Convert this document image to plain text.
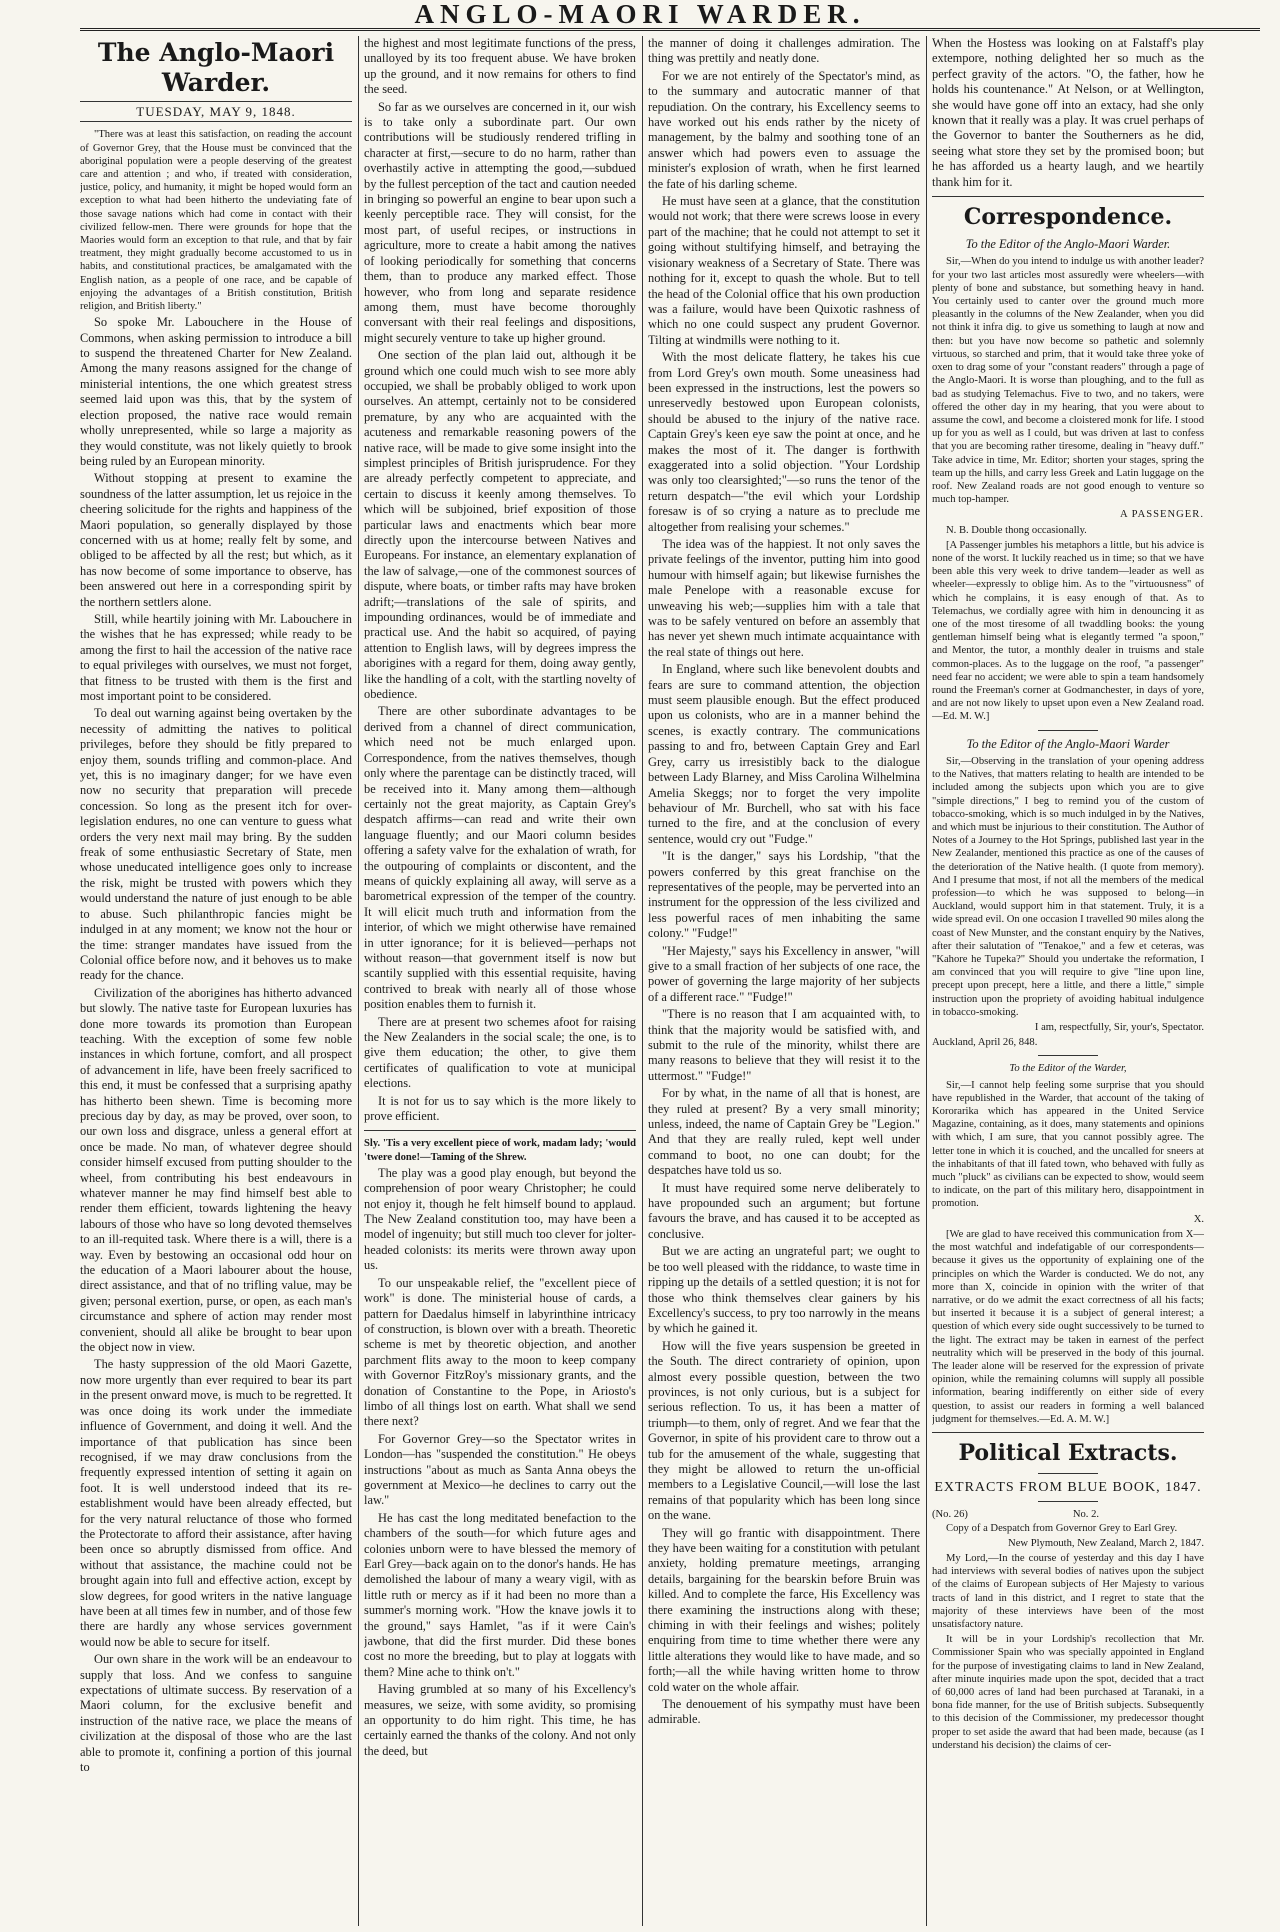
ANGLO-MAORI WARDER.
The Anglo-Maori Warder.
TUESDAY, MAY 9, 1848.

"There was at least this satisfaction, on reading the account of Governor Grey, that the House must be convinced that the aboriginal population were a people deserving of the greatest care and attention ; and who, if treated with consideration, justice, policy, and humanity, it might be hoped would form an exception to what had been hitherto the undeviating fate of those savage nations which had come in contact with their civilized fellow-men. There were grounds for hope that the Maories would form an exception to that rule, and that by fair treatment, they might gradually become accustomed to us in habits, and constitutional practices, be amalgamated with the English nation, as a people of one race, and be capable of enjoying the advantages of a British constitution, British religion, and British liberty."

So spoke Mr. Labouchere in the House of Commons, when asking permission to introduce a bill to suspend the threatened Charter for New Zealand. Among the many reasons assigned for the change of ministerial intentions, the one which greatest stress seemed laid upon was this, that by the system of election proposed, the native race would remain wholly unrepresented, while so large a majority as they would constitute, was not likely quietly to brook being ruled by an European minority.

Without stopping at present to examine the soundness of the latter assumption, let us rejoice in the cheering solicitude for the rights and happiness of the Maori population, so generally displayed by those concerned with us at home; really felt by some, and obliged to be affected by all the rest; but which, as it has now become of some importance to observe, has been answered out here in a corresponding spirit by the northern settlers alone.

Still, while heartily joining with Mr. Labouchere in the wishes that he has expressed; while ready to be among the first to hail the accession of the native race to equal privileges with ourselves, we must not forget, that fitness to be trusted with them is the first and most important point to be considered.

To deal out warning against being overtaken by the necessity of admitting the natives to political privileges, before they should be fitly prepared to enjoy them, sounds trifling and common-place. And yet, this is no imaginary danger; for we have even now no security that preparation will precede concession. So long as the present itch for over-legislation endures, no one can venture to guess what orders the very next mail may bring. By the sudden freak of some enthusiastic Secretary of State, men whose uneducated intelligence goes only to increase the risk, might be trusted with powers which they would understand the nature of just enough to be able to abuse. Such philanthropic fancies might be indulged in at any moment; we know not the hour or the time: stranger mandates have issued from the Colonial office before now, and it behoves us to make ready for the chance.

Civilization of the aborigines has hitherto advanced but slowly. The native taste for European luxuries has done more towards its promotion than European teaching. With the exception of some few noble instances in which fortune, comfort, and all prospect of advancement in life, have been freely sacrificed to this end, it must be confessed that a surprising apathy has hitherto been shewn. Time is becoming more precious day by day, as may be proved, over soon, to our own loss and disgrace, unless a general effort at once be made. No man, of whatever degree should consider himself excused from putting shoulder to the wheel, from contributing his best endeavours in whatever manner he may find himself best able to render them efficient, towards lightening the heavy labours of those who have so long devoted themselves to an ill-requited task. Where there is a will, there is a way. Even by bestowing an occasional odd hour on the education of a Maori labourer about the house, direct assistance, and that of no trifling value, may be given; personal exertion, purse, or open, as each man's circumstance and sphere of action may render most convenient, should all alike be brought to bear upon the object now in view.

The hasty suppression of the old Maori Gazette, now more urgently than ever required to bear its part in the present onward move, is much to be regretted. It was once doing its work under the immediate influence of Government, and doing it well. And the importance of that publication has since been recognised, if we may draw conclusions from the frequently expressed intention of setting it again on foot. It is well understood indeed that its re-establishment would have been already effected, but for the very natural reluctance of those who formed the Protectorate to afford their assistance, after having been once so abruptly dismissed from office. And without that assistance, the machine could not be brought again into full and effective action, except by slow degrees, for good writers in the native language have been at all times few in number, and of those few there are hardly any whose services government would now be able to secure for itself.

Our own share in the work will be an endeavour to supply that loss. And we confess to sanguine expectations of ultimate success. By reservation of a Maori column, for the exclusive benefit and instruction of the native race, we place the means of civilization at the disposal of those who are the last able to promote it, confining a portion of this journal to

the highest and most legitimate functions of the press, unalloyed by its too frequent abuse. We have broken up the ground, and it now remains for others to find the seed.

So far as we ourselves are concerned in it, our wish is to take only a subordinate part. Our own contributions will be studiously rendered trifling in character at first,—secure to do no harm, rather than overhastily active in attempting the good,—subdued by the fullest perception of the tact and caution needed in bringing so powerful an engine to bear upon such a keenly perceptible race. They will consist, for the most part, of useful recipes, or instructions in agriculture, more to create a habit among the natives of looking periodically for something that concerns them, than to produce any marked effect. Those however, who from long and separate residence among them, must have become thoroughly conversant with their real feelings and dispositions, might securely venture to take up higher ground.

One section of the plan laid out, although it be ground which one could much wish to see more ably occupied, we shall be probably obliged to work upon ourselves. An attempt, certainly not to be considered premature, by any who are acquainted with the acuteness and remarkable reasoning powers of the native race, will be made to give some insight into the simplest principles of British jurisprudence. For they are already perfectly competent to appreciate, and certain to discuss it keenly among themselves. To which will be subjoined, brief exposition of those particular laws and enactments which bear more directly upon the intercourse between Natives and Europeans. For instance, an elementary explanation of the law of salvage,—one of the commonest sources of dispute, where boats, or timber rafts may have broken adrift;—translations of the sale of spirits, and impounding ordinances, would be of immediate and practical use. And the habit so acquired, of paying attention to English laws, will by degrees impress the aborigines with a regard for them, doing away gently, like the handling of a colt, with the startling novelty of obedience.

There are other subordinate advantages to be derived from a channel of direct communication, which need not be much enlarged upon. Correspondence, from the natives themselves, though only where the parentage can be distinctly traced, will be received into it. Many among them—although certainly not the great majority, as Captain Grey's despatch affirms—can read and write their own language fluently; and our Maori column besides offering a safety valve for the exhalation of wrath, for the outpouring of complaints or discontent, and the means of quickly explaining all away, will serve as a barometrical expression of the temper of the country. It will elicit much truth and information from the interior, of which we might otherwise have remained in utter ignorance; for it is believed—perhaps not without reason—that government itself is now but scantily supplied with this essential requisite, having contrived to break with nearly all of those whose position enables them to furnish it.

There are at present two schemes afoot for raising the New Zealanders in the social scale; the one, is to give them education; the other, to give them certificates of qualification to vote at municipal elections.

It is not for us to say which is the more likely to prove efficient.

Sly. 'Tis a very excellent piece of work, madam lady; 'would 'twere done!—Taming of the Shrew.

The play was a good play enough, but beyond the comprehension of poor weary Christopher; he could not enjoy it, though he felt himself bound to applaud. The New Zealand constitution too, may have been a model of ingenuity; but still much too clever for jolter-headed colonists: its merits were thrown away upon us.

To our unspeakable relief, the "excellent piece of work" is done. The ministerial house of cards, a pattern for Daedalus himself in labyrinthine intricacy of construction, is blown over with a breath. Theoretic scheme is met by theoretic objection, and another parchment flits away to the moon to keep company with Governor FitzRoy's missionary grants, and the donation of Constantine to the Pope, in Ariosto's limbo of all things lost on earth. What shall we send there next?

For Governor Grey—so the Spectator writes in London—has "suspended the constitution." He obeys instructions "about as much as Santa Anna obeys the government at Mexico—he declines to carry out the law."

He has cast the long meditated benefaction to the chambers of the south—for which future ages and colonies unborn were to have blessed the memory of Earl Grey—back again on to the donor's hands. He has demolished the labour of many a weary vigil, with as little ruth or mercy as if it had been no more than a summer's morning work. "How the knave jowls it to the ground," says Hamlet, "as if it were Cain's jawbone, that did the first murder. Did these bones cost no more the breeding, but to play at loggats with them? Mine ache to think on't."

Having grumbled at so many of his Excellency's measures, we seize, with some avidity, so promising an opportunity to do him right. This time, he has certainly earned the thanks of the colony. And not only the deed, but

the manner of doing it challenges admiration. The thing was prettily and neatly done.

For we are not entirely of the Spectator's mind, as to the summary and autocratic manner of that repudiation. On the contrary, his Excellency seems to have worked out his ends rather by the nicety of management, by the balmy and soothing tone of an answer which had powers even to assuage the minister's explosion of wrath, when he first learned the fate of his darling scheme.

He must have seen at a glance, that the constitution would not work; that there were screws loose in every part of the machine; that he could not attempt to set it going without stultifying himself, and betraying the visionary weakness of a Secretary of State. There was nothing for it, except to quash the whole. But to tell the head of the Colonial office that his own production was a failure, would have been Quixotic rashness of which no one could suspect any prudent Governor. Tilting at windmills were nothing to it.

With the most delicate flattery, he takes his cue from Lord Grey's own mouth. Some uneasiness had been expressed in the instructions, lest the powers so unreservedly bestowed upon European colonists, should be abused to the injury of the native race. Captain Grey's keen eye saw the point at once, and he makes the most of it. The danger is forthwith exaggerated into a solid objection. "Your Lordship was only too clearsighted;"—so runs the tenor of the return despatch—"the evil which your Lordship foresaw is of so crying a nature as to preclude me altogether from realising your schemes."

The idea was of the happiest. It not only saves the private feelings of the inventor, putting him into good humour with himself again; but likewise furnishes the male Penelope with a reasonable excuse for unweaving his web;—supplies him with a tale that was to be safely ventured on before an assembly that has never yet shewn much intimate acquaintance with the real state of things out here.

In England, where such like benevolent doubts and fears are sure to command attention, the objection must seem plausible enough. But the effect produced upon us colonists, who are in a manner behind the scenes, is exactly contrary. The communications passing to and fro, between Captain Grey and Earl Grey, carry us irresistibly back to the dialogue between Lady Blarney, and Miss Carolina Wilhelmina Amelia Skeggs; nor to forget the very impolite behaviour of Mr. Burchell, who sat with his face turned to the fire, and at the conclusion of every sentence, would cry out "Fudge."

"It is the danger," says his Lordship, "that the powers conferred by this great franchise on the representatives of the people, may be perverted into an instrument for the oppression of the less civilized and less powerful races of men inhabiting the same colony." "Fudge!"

"Her Majesty," says his Excellency in answer, "will give to a small fraction of her subjects of one race, the power of governing the large majority of her subjects of a different race." "Fudge!"

"There is no reason that I am acquainted with, to think that the majority would be satisfied with, and submit to the rule of the minority, whilst there are many reasons to believe that they will resist it to the uttermost." "Fudge!"

For by what, in the name of all that is honest, are they ruled at present? By a very small minority; unless, indeed, the name of Captain Grey be "Legion." And that they are really ruled, kept well under command to boot, no one can doubt; for the despatches have told us so.

It must have required some nerve deliberately to have propounded such an argument; but fortune favours the brave, and has caused it to be accepted as conclusive.

But we are acting an ungrateful part; we ought to be too well pleased with the riddance, to waste time in ripping up the details of a settled question; it is not for those who think themselves clear gainers by his Excellency's success, to pry too narrowly in the means by which he gained it.

How will the five years suspension be greeted in the South. The direct contrariety of opinion, upon almost every possible question, between the two provinces, is not only curious, but is a subject for serious reflection. To us, it has been a matter of triumph—to them, only of regret. And we fear that the Governor, in spite of his provident care to throw out a tub for the amusement of the whale, suggesting that they might be allowed to return the un-official members to a Legislative Council,—will lose the last remains of that popularity which has been long since on the wane.

They will go frantic with disappointment. There they have been waiting for a constitution with petulant anxiety, holding premature meetings, arranging details, bargaining for the bearskin before Bruin was killed. And to complete the farce, His Excellency was there examining the instructions along with these; chiming in with their feelings and wishes; politely enquiring from time to time whether there were any little alterations they would like to have made, and so forth;—all the while having written home to throw cold water on the whole affair.

The denouement of his sympathy must have been admirable.

When the Hostess was looking on at Falstaff's play extempore, nothing delighted her so much as the perfect gravity of the actors. "O, the father, how he holds his countenance." At Nelson, or at Wellington, she would have gone off into an extacy, had she only known that it really was a play. It was cruel perhaps of the Governor to banter the Southerners as he did, seeing what store they set by the promised boon; but he has afforded us a hearty laugh, and we heartily thank him for it.

Correspondence.
To the Editor of the Anglo-Maori Warder.

Sir,—When do you intend to indulge us with another leader? for your two last articles most assuredly were wheelers—with plenty of bone and substance, but something heavy in hand. You certainly used to canter over the ground much more pleasantly in the columns of the New Zealander, when you did not think it infra dig. to give us something to laugh at now and then: but you have now become so pathetic and solemnly virtuous, so starched and prim, that it would take three yoke of oxen to drag some of your "constant readers" through a page of the Anglo-Maori. It is worse than ploughing, and to the full as bad as studying Telemachus. Five to two, and no takers, were offered the other day in my hearing, that you were about to assume the cowl, and become a cloistered monk for life. I stood up for you as well as I could, but was driven at last to confess that you are becoming rather tiresome, dealing in "heavy duff." Take advice in time, Mr. Editor; shorten your stages, spring the team up the hills, and carry less Greek and Latin luggage on the roof. New Zealand roads are not good enough to venture so much top-hamper.

A PASSENGER.

N. B. Double thong occasionally.

[A Passenger jumbles his metaphors a little, but his advice is none of the worst. It luckily reached us in time; so that we have been able this very week to drive tandem—leader as well as wheeler—expressly to oblige him. As to the "virtuousness" of which he complains, it is easy enough of that. As to Telemachus, we cordially agree with him in denouncing it as one of the most tiresome of all twaddling books: the young gentleman himself being what is elegantly termed "a spoon," and Mentor, the tutor, a monthly dealer in truisms and stale common-places. As to the luggage on the roof, "a passenger" need fear no accident; we were able to spin a team handsomely round the Freeman's corner at Godmanchester, in days of yore, and are not now likely to upset upon even a New Zealand road.—Ed. M. W.]

To the Editor of the Anglo-Maori Warder

Sir,—Observing in the translation of your opening address to the Natives, that matters relating to health are intended to be included among the subjects upon which you are to give "simple directions," I beg to remind you of the custom of tobacco-smoking, which is so much indulged in by the Natives, and which must be injurious to their constitution. The Author of Notes of a Journey to the Hot Springs, published last year in the New Zealander, mentioned this practice as one of the causes of the deterioration of the Native health. (I quote from memory). And I presume that most, if not all the members of the medical profession—to which he was supposed to belong—in Auckland, would support him in that statement. Truly, it is a wide spread evil. On one occasion I travelled 90 miles along the coast of New Munster, and the constant enquiry by the Natives, after their salutation of "Tenakoe," and a few et ceteras, was "Kahore he Tupeka?" Should you undertake the reformation, I am convinced that you will require to give "line upon line, precept upon precept, here a little, and there a little," simple instruction upon the propriety of avoiding habitual indulgence in tobacco-smoking.

I am, respectfully, Sir, your's, Spectator.

Auckland, April 26, 848.

To the Editor of the Warder,

Sir,—I cannot help feeling some surprise that you should have republished in the Warder, that account of the taking of Kororarika which has appeared in the United Service Magazine, containing, as it does, many statements and opinions with which, I am sure, that you cannot possibly agree. The letter tone in which it is couched, and the uncalled for sneers at the inhabitants of that ill fated town, who behaved with fully as much "pluck" as civilians can be expected to show, would seem to indicate, on the part of this military hero, disappointment in promotion.

X.

[We are glad to have received this communication from X—the most watchful and indefatigable of our correspondents—because it gives us the opportunity of explaining one of the principles on which the Warder is conducted. We do not, any more than X, coincide in opinion with the writer of that narrative, or do we admit the exact correctness of all his facts; but inserted it because it is a subject of general interest; a question of which every side ought successively to be turned to the light. The extract may be taken in earnest of the perfect neutrality which will be preserved in the body of this journal. The leader alone will be reserved for the expression of private opinion, while the remaining columns will supply all possible information, bearing indifferently on either side of every question, to assist our readers in forming a well balanced judgment for themselves.—Ed. A. M. W.]

Political Extracts.
EXTRACTS FROM BLUE BOOK, 1847.
(No. 26)	No. 2.

Copy of a Despatch from Governor Grey to Earl Grey.

New Plymouth, New Zealand, March 2, 1847.

My Lord,—In the course of yesterday and this day I have had interviews with several bodies of natives upon the subject of the claims of European subjects of Her Majesty to various tracts of land in this district, and I regret to state that the majority of these interviews have been of the most unsatisfactory nature.

It will be in your Lordship's recollection that Mr. Commissioner Spain who was specially appointed in England for the purpose of investigating claims to land in New Zealand, after minute inquiries made upon the spot, decided that a tract of 60,000 acres of land had been purchased at Taranaki, in a bona fide manner, for the use of British subjects. Subsequently to this decision of the Commissioner, my predecessor thought proper to set aside the award that had been made, because (as I understand his decision) the claims of cer-
